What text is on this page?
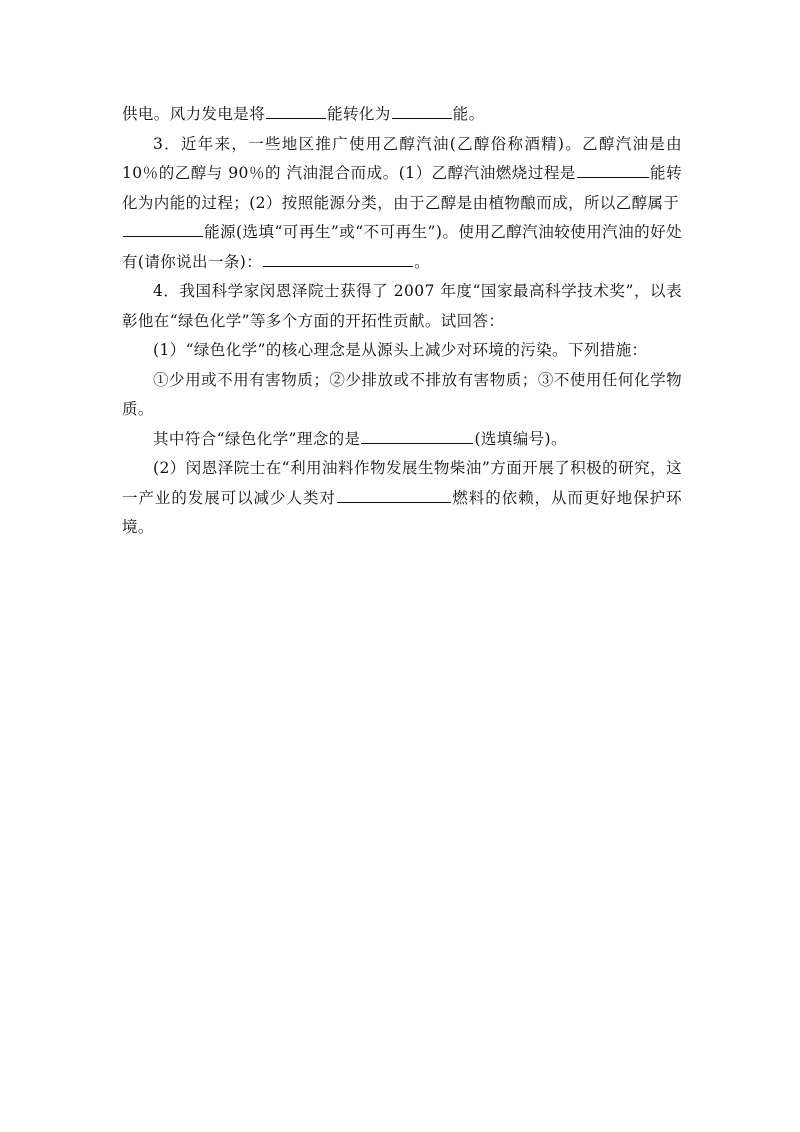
供电。风力发电是将	能转化为	能。

3．近年来，一些地区推广使用乙醇汽油(乙醇俗称酒精)。乙醇汽油是由 10％的乙醇与 90％的 汽油混合而成。(1）乙醇汽油燃烧过程是	能转化为内能的过程；(2）按照能源分类，由于乙醇是由植物酿而成，所以乙醇属于
能源(选填“可再生”或“不可再生”)。使用乙醇汽油较使用汽油的好处有(请你说出一条)：	。

4．我国科学家闵恩泽院士获得了 2007 年度“国家最高科学技术奖”，以表彰他在“绿色化学”等多个方面的开拓性贡献。试回答：

(1）“绿色化学”的核心理念是从源头上减少对环境的污染。下列措施：

①少用或不用有害物质；②少排放或不排放有害物质；③不使用任何化学物质。

其中符合“绿色化学”理念的是	(选填编号)。

(2）闵恩泽院士在“利用油料作物发展生物柴油”方面开展了积极的研究，这一产业的发展可以减少人类对	燃料的依赖，从而更好地保护环境。
